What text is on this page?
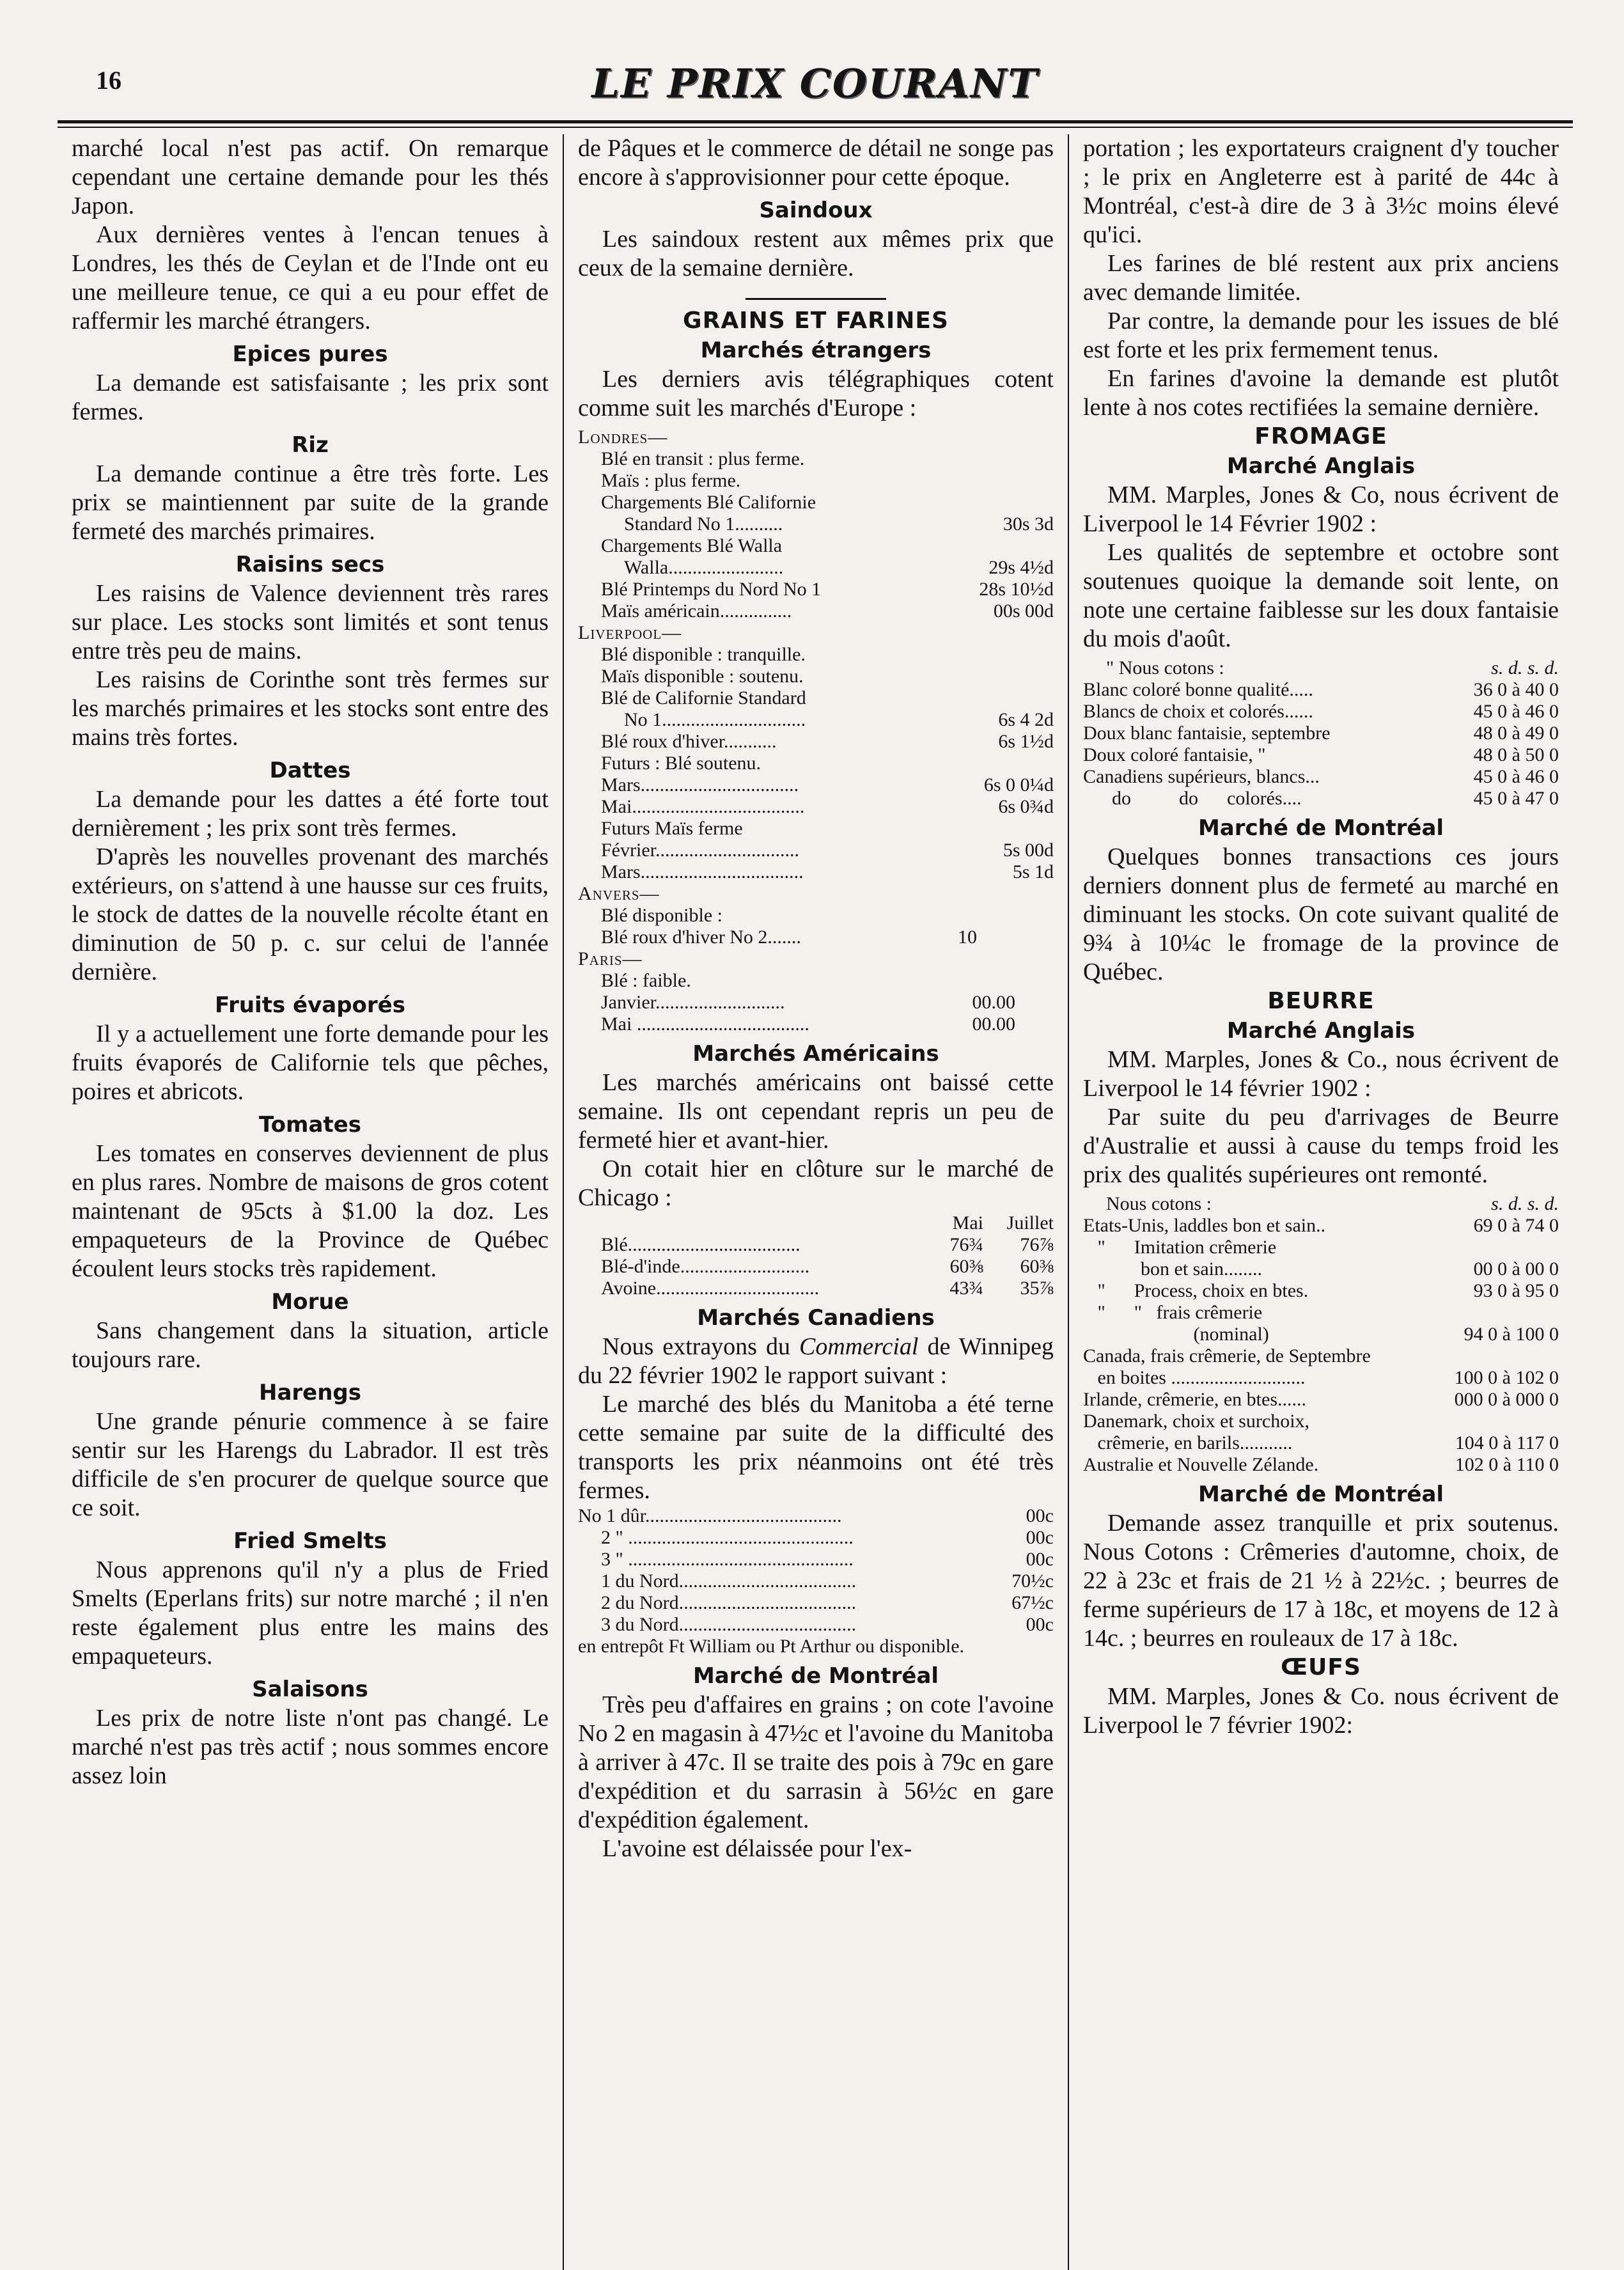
16	LE PRIX COURANT

marché local n'est pas actif. On remarque cependant une certaine demande pour les thés Japon.

Aux dernières ventes à l'encan tenues à Londres, les thés de Ceylan et de l'Inde ont eu une meilleure tenue, ce qui a eu pour effet de raffermir les marché étrangers.

Epices pures

La demande est satisfaisante ; les prix sont fermes.

Riz

La demande continue a être très forte. Les prix se maintiennent par suite de la grande fermeté des marchés primaires.

Raisins secs

Les raisins de Valence deviennent très rares sur place. Les stocks sont limités et sont tenus entre très peu de mains.

Les raisins de Corinthe sont très fermes sur les marchés primaires et les stocks sont entre des mains très fortes.

Dattes

La demande pour les dattes a été forte tout dernièrement ; les prix sont très fermes.

D'après les nouvelles provenant des marchés extérieurs, on s'attend à une hausse sur ces fruits, le stock de dattes de la nouvelle récolte étant en diminution de 50 p. c. sur celui de l'année dernière.

Fruits évaporés

Il y a actuellement une forte demande pour les fruits évaporés de Californie tels que pêches, poires et abricots.

Tomates

Les tomates en conserves deviennent de plus en plus rares. Nombre de maisons de gros cotent maintenant de 95cts à $1.00 la doz. Les empaqueteurs de la Province de Québec écoulent leurs stocks très rapidement.

Morue

Sans changement dans la situation, article toujours rare.

Harengs

Une grande pénurie commence à se faire sentir sur les Harengs du Labrador. Il est très difficile de s'en procurer de quelque source que ce soit.

Fried Smelts

Nous apprenons qu'il n'y a plus de Fried Smelts (Eperlans frits) sur notre marché ; il n'en reste également plus entre les mains des empaqueteurs.

Salaisons

Les prix de notre liste n'ont pas changé. Le marché n'est pas très actif ; nous sommes encore assez loin

de Pâques et le commerce de détail ne songe pas encore à s'approvisionner pour cette époque.

Saindoux

Les saindoux restent aux mêmes prix que ceux de la semaine dernière.

GRAINS ET FARINES
Marchés étrangers

Les derniers avis télégraphiques cotent comme suit les marchés d'Europe :

Londres—
Blé en transit : plus ferme.
Maïs : plus ferme.
Chargements Blé Californie
Standard No 1..........	30s 3d
Chargements Blé Walla
Walla........................	29s 4½d
Blé Printemps du Nord No 1	28s 10½d
Maïs américain...............	00s 00d
Liverpool—
Blé disponible : tranquille.
Maïs disponible : soutenu.
Blé de Californie Standard
No 1..............................	6s 4 2d
Blé roux d'hiver...........	6s 1½d
Futurs : Blé soutenu.
Mars.................................	6s 0 0¼d
Mai....................................	6s 0¾d
Futurs Maïs ferme
Février..............................	5s 00d
Mars..................................	5s 1d
Anvers—
Blé disponible :
Blé roux d'hiver No 2.......	10
Paris—
Blé : faible.
Janvier...........................	00.00
Mai ....................................	00.00
Marchés Américains

Les marchés américains ont baissé cette semaine. Ils ont cependant repris un peu de fermeté hier et avant-hier.

On cotait hier en clôture sur le marché de Chicago :

Mai	Juillet
Blé....................................	76¾	76⅞
Blé-d'inde...........................	60⅜	60⅜
Avoine..................................	43¾	35⅞
Marchés Canadiens

Nous extrayons du Commercial de Winnipeg du 22 février 1902 le rapport suivant :

Le marché des blés du Manitoba a été terne cette semaine par suite de la difficulté des transports les prix néanmoins ont été très fermes.

No 1 dûr.........................................	00c
2 " ...............................................	00c
3 " ...............................................	00c
1 du Nord.....................................	70½c
2 du Nord.....................................	67½c
3 du Nord.....................................	00c
en entrepôt Ft William ou Pt Arthur ou disponible.
Marché de Montréal

Très peu d'affaires en grains ; on cote l'avoine No 2 en magasin à 47½c et l'avoine du Manitoba à arriver à 47c. Il se traite des pois à 79c en gare d'expédition et du sarrasin à 56½c en gare d'expédition également.

L'avoine est délaissée pour l'ex-

portation ; les exportateurs craignent d'y toucher ; le prix en Angleterre est à parité de 44c à Montréal, c'est-à dire de 3 à 3½c moins élevé qu'ici.

Les farines de blé restent aux prix anciens avec demande limitée.

Par contre, la demande pour les issues de blé est forte et les prix fermement tenus.

En farines d'avoine la demande est plutôt lente à nos cotes rectifiées la semaine dernière.

FROMAGE
Marché Anglais

MM. Marples, Jones & Co, nous écrivent de Liverpool le 14 Février 1902 :

Les qualités de septembre et octobre sont soutenues quoique la demande soit lente, on note une certaine faiblesse sur les doux fantaisie du mois d'août.

" Nous cotons :	s. d. s. d.
Blanc coloré bonne qualité.....	36 0 à 40 0
Blancs de choix et colorés......	45 0 à 46 0
Doux blanc fantaisie, septembre	48 0 à 49 0
Doux coloré fantaisie, "	48 0 à 50 0
Canadiens supérieurs, blancs...	45 0 à 46 0
do          do      colorés....	45 0 à 47 0
Marché de Montréal

Quelques bonnes transactions ces jours derniers donnent plus de fermeté au marché en diminuant les stocks. On cote suivant qualité de 9¾ à 10¼c le fromage de la province de Québec.

BEURRE
Marché Anglais

MM. Marples, Jones & Co., nous écrivent de Liverpool le 14 février 1902 :

Par suite du peu d'arrivages de Beurre d'Australie et aussi à cause du temps froid les prix des qualités supérieures ont remonté.

Nous cotons :	s. d. s. d.
Etats-Unis, laddles bon et sain..	69 0 à 74 0
"      Imitation crêmerie
bon et sain........	00 0 à 00 0
"      Process, choix en btes.	93 0 à 95 0
"      "   frais crêmerie
(nominal)	94 0 à 100 0
Canada, frais crêmerie, de Septembre
en boites ............................	100 0 à 102 0
Irlande, crêmerie, en btes......	000 0 à 000 0
Danemark, choix et surchoix,
crêmerie, en barils...........	104 0 à 117 0
Australie et Nouvelle Zélande.	102 0 à 110 0
Marché de Montréal

Demande assez tranquille et prix soutenus. Nous Cotons : Crêmeries d'automne, choix, de 22 à 23c et frais de 21 ½ à 22½c. ; beurres de ferme supérieurs de 17 à 18c, et moyens de 12 à 14c. ; beurres en rouleaux de 17 à 18c.

ŒUFS

MM. Marples, Jones & Co. nous écrivent de Liverpool le 7 février 1902:
